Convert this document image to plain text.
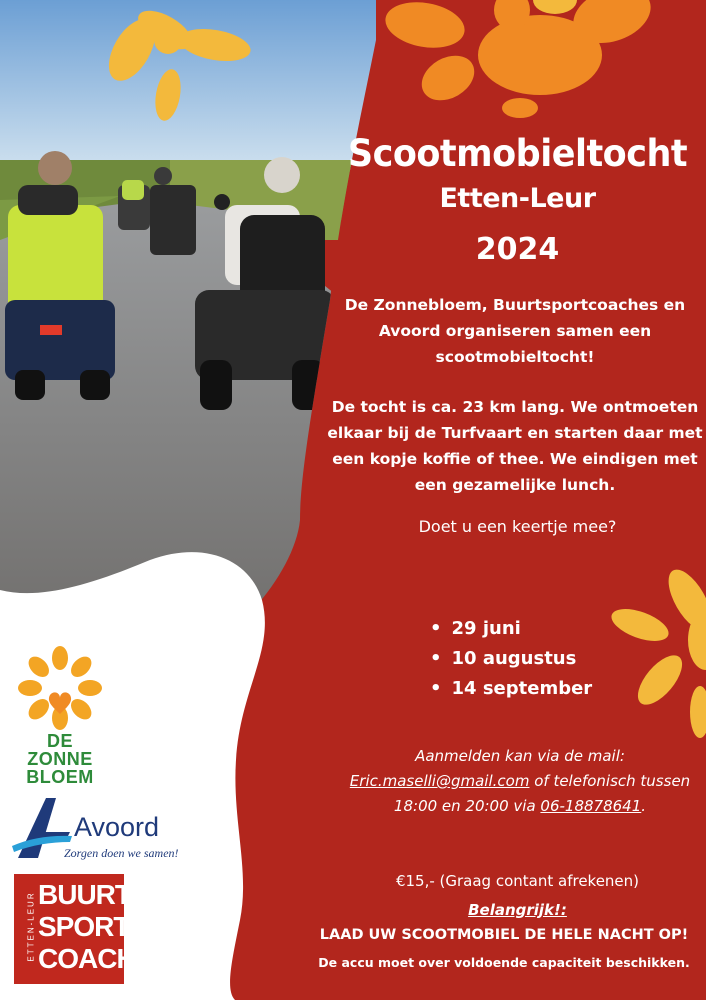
Scootmobieltocht
Etten-Leur
2024
De Zonnebloem, Buurtsportcoaches en
Avoord organiseren samen een
scootmobieltocht!
De tocht is ca. 23 km lang. We ontmoeten
elkaar bij de Turfvaart en starten daar met
een kopje koffie of thee. We eindigen met
een gezamelijke lunch.
Doet u een keertje mee?
• 29 juni
• 10 augustus
• 14 september
Aanmelden kan via de mail:
Eric.maselli@gmail.com of telefonisch tussen
18:00 en 20:00 via 06-18878641.
€15,- (Graag contant afrekenen)
Belangrijk!:
LAAD UW SCOOTMOBIEL DE HELE NACHT OP!
De accu moet over voldoende capaciteit beschikken.
DE
ZONNE
BLOEM
Avoord
Zorgen doen we samen!
ETTEN-LEUR BUURT
SPORT
COACH
